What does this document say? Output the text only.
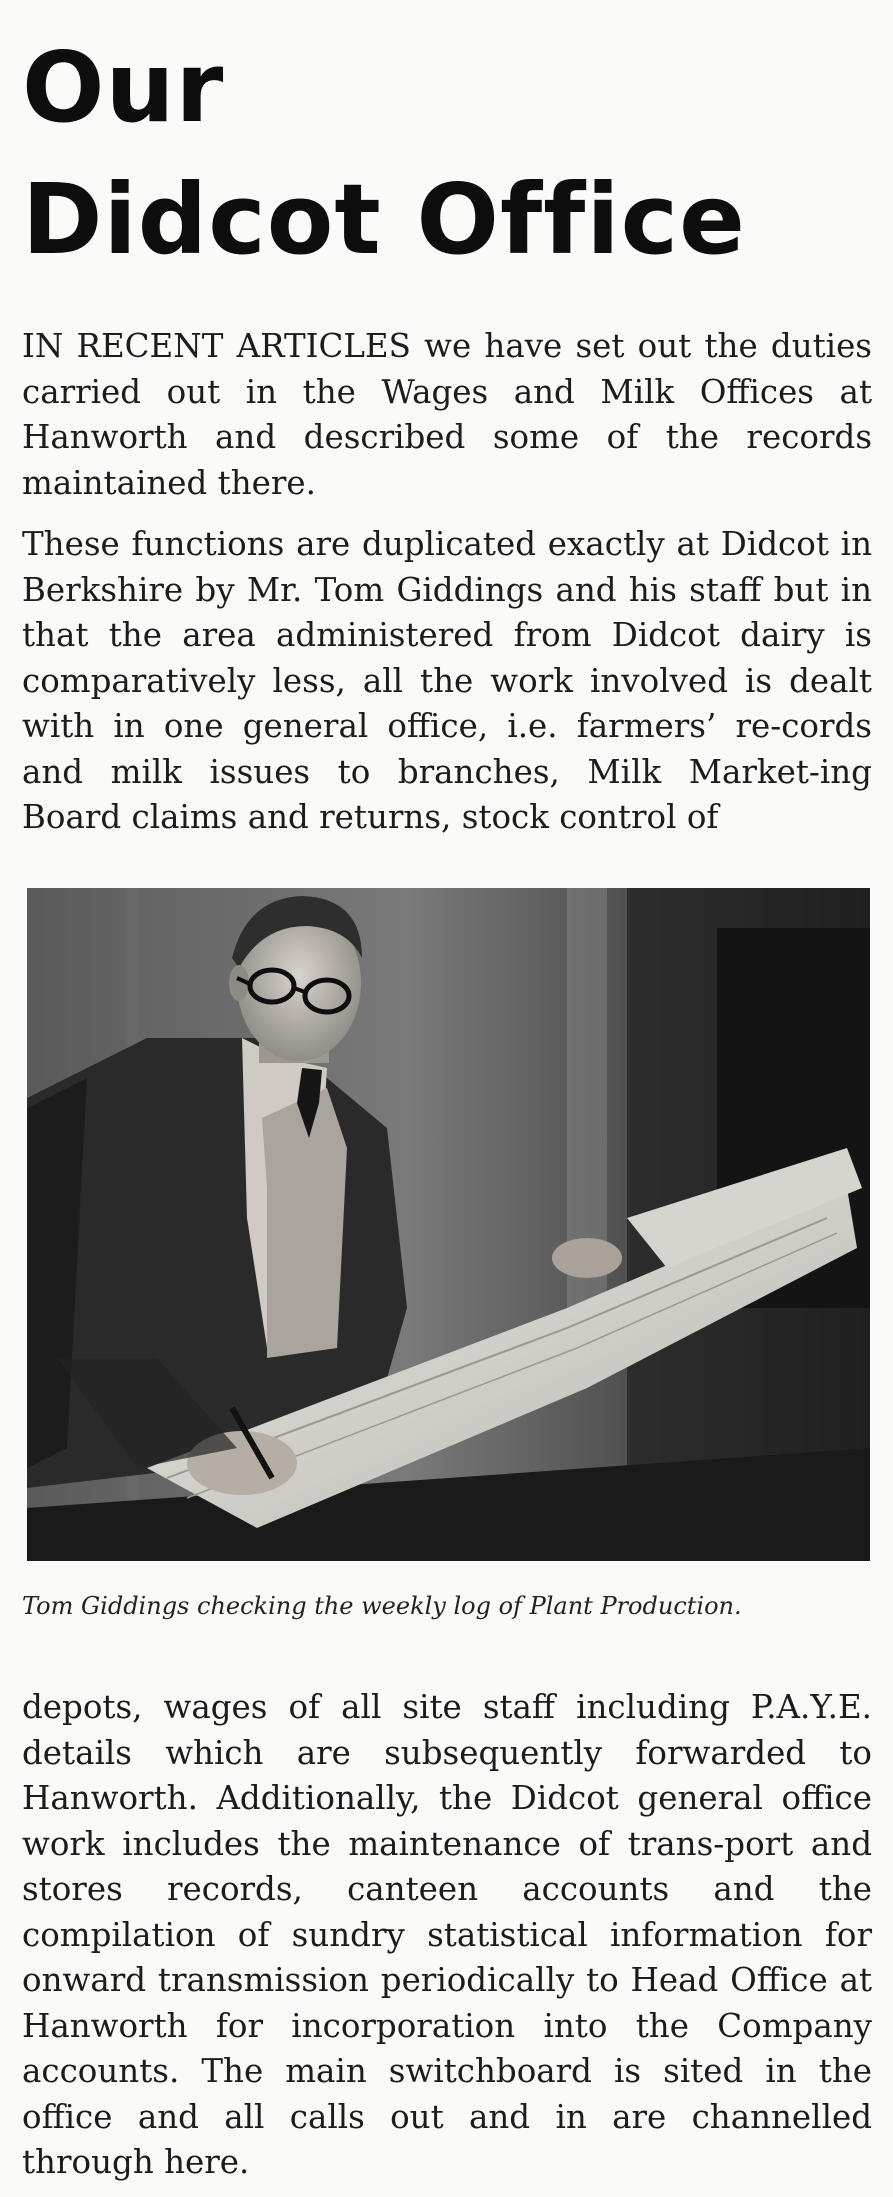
Our
Didcot Office

IN RECENT ARTICLES we have set out the duties carried out in the Wages and Milk Offices at Hanworth and described some of the records maintained there.

These functions are duplicated exactly at Didcot in Berkshire by Mr. Tom Giddings and his staff but in that the area administered from Didcot dairy is comparatively less, all the work involved is dealt with in one general office, i.e. farmers’ re-cords and milk issues to branches, Milk Market-ing Board claims and returns, stock control of

Tom Giddings checking the weekly log of Plant Production.

depots, wages of all site staff including P.A.Y.E. details which are subsequently forwarded to Hanworth. Additionally, the Didcot general office work includes the maintenance of trans-port and stores records, canteen accounts and the compilation of sundry statistical information for onward transmission periodically to Head Office at Hanworth for incorporation into the Company accounts. The main switchboard is sited in the office and all calls out and in are channelled through here.
